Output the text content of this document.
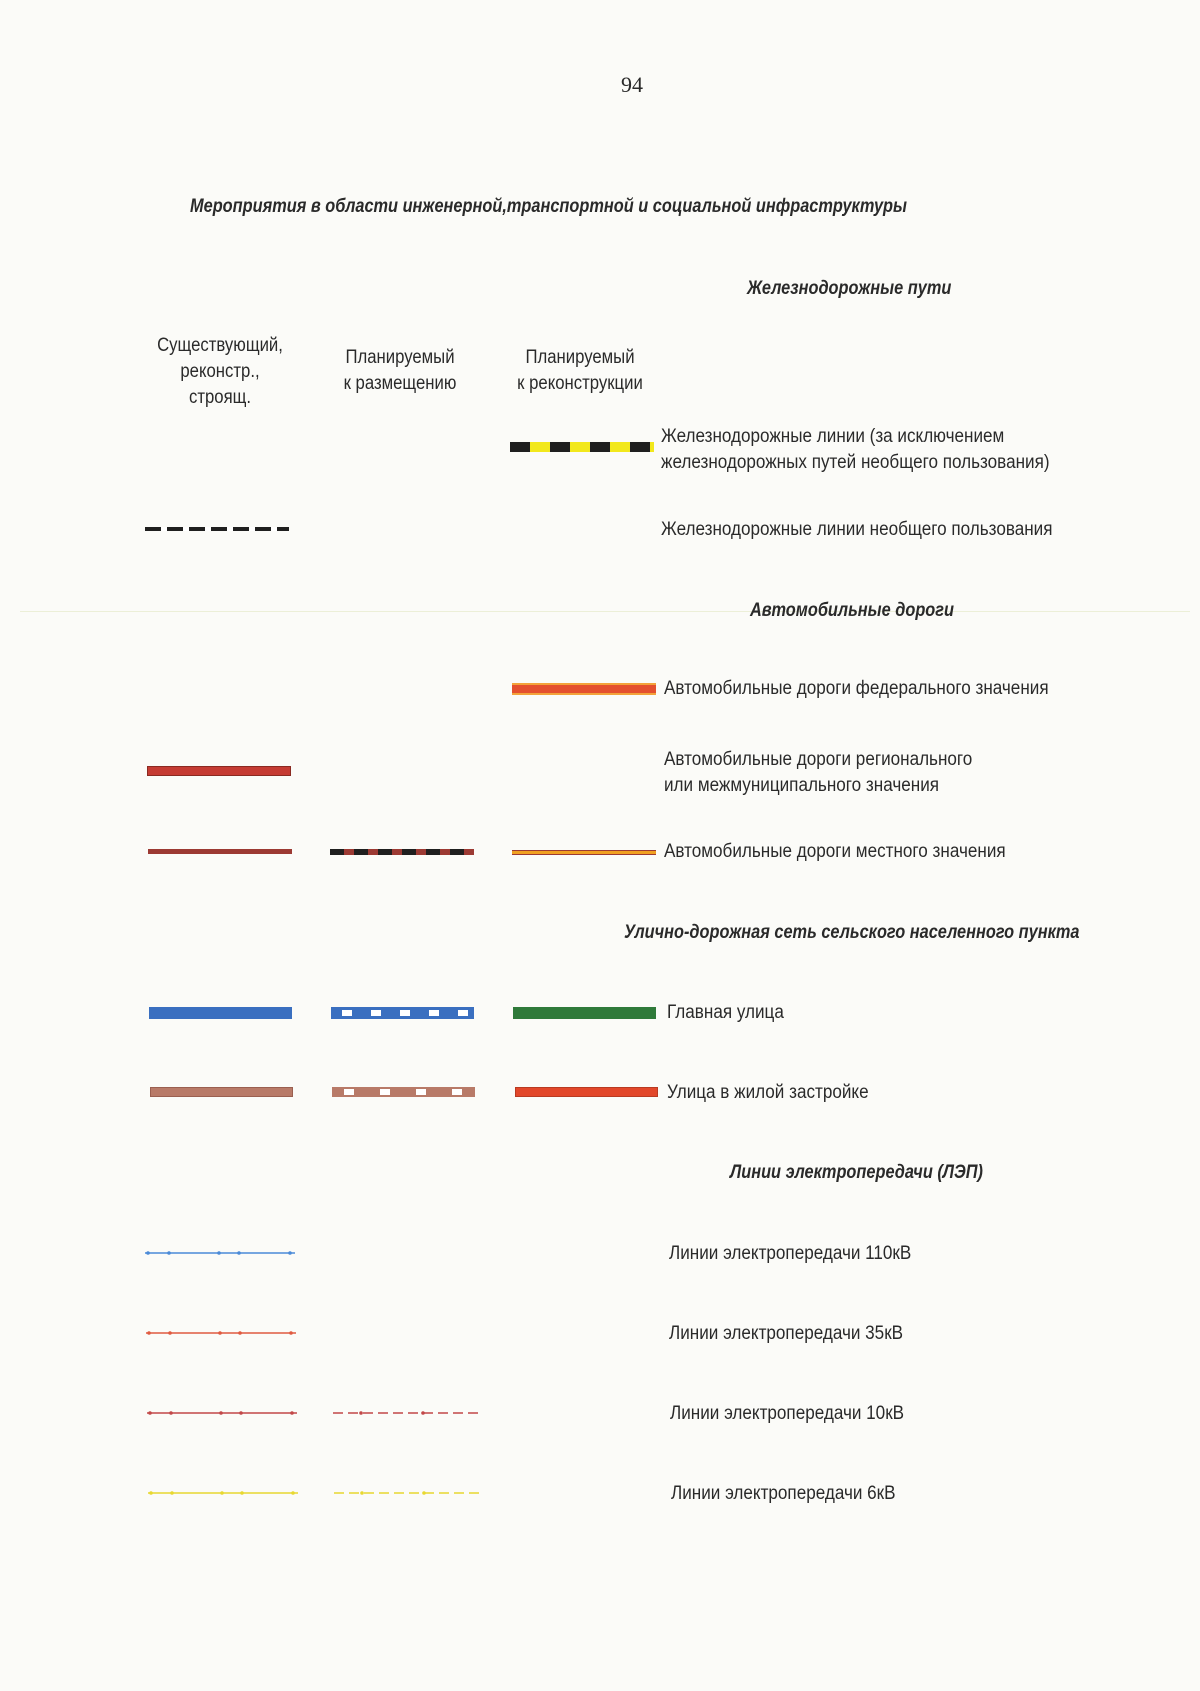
94
Мероприятия в области инженерной,транспортной и социальной инфраструктуры
Железнодорожные пути
Существующий,
реконстр.,
строящ.
Планируемый
к размещению
Планируемый
к реконструкции
Железнодорожные линии (за исключением
железнодорожных путей необщего пользования)
Железнодорожные линии необщего пользования
Автомобильные дороги
Автомобильные дороги федерального значения
Автомобильные дороги регионального
или межмуниципального значения
Автомобильные дороги местного значения
Улично-дорожная сеть сельского населенного пункта
Главная улица
Улица в жилой застройке
Линии электропередачи (ЛЭП)
Линии электропередачи 110кВ
Линии электропередачи 35кВ
Линии электропередачи 10кВ
Линии электропередачи 6кВ
